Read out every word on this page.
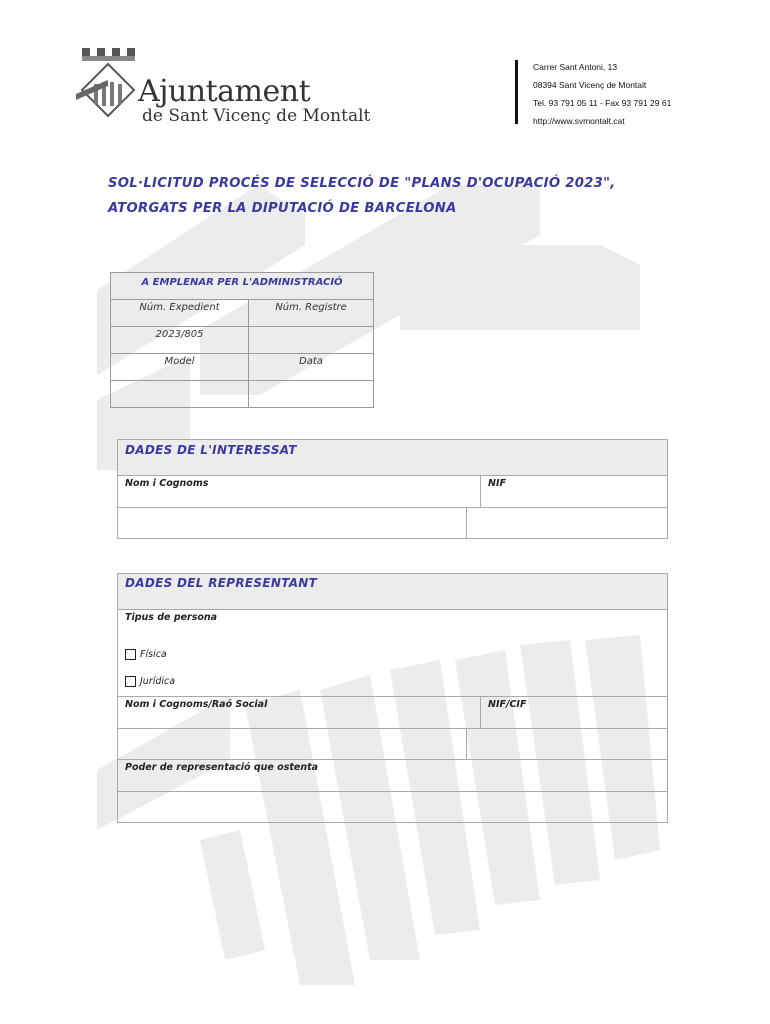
Ajuntament
de Sant Vicenç de Montalt
Carrer Sant Antoni, 13
08394 Sant Vicenç de Montalt
Tel. 93 791 05 11 - Fax 93 791 29 61
http://www.svmontalt.cat
SOL·LICITUD PROCÉS DE SELECCIÓ DE "PLANS D'OCUPACIÓ 2023",
ATORGATS PER LA DIPUTACIÓ DE BARCELONA
A EMPLENAR PER L'ADMINISTRACIÓ
Núm. Expedient	Núm. Registre
2023/805
Model	Data
DADES DE L'INTERESSAT
Nom i Cognoms	NIF
DADES DEL REPRESENTANT
Tipus de persona
Física
Jurídica
Nom i Cognoms/Raó Social	NIF/CIF
Poder de representació que ostenta
